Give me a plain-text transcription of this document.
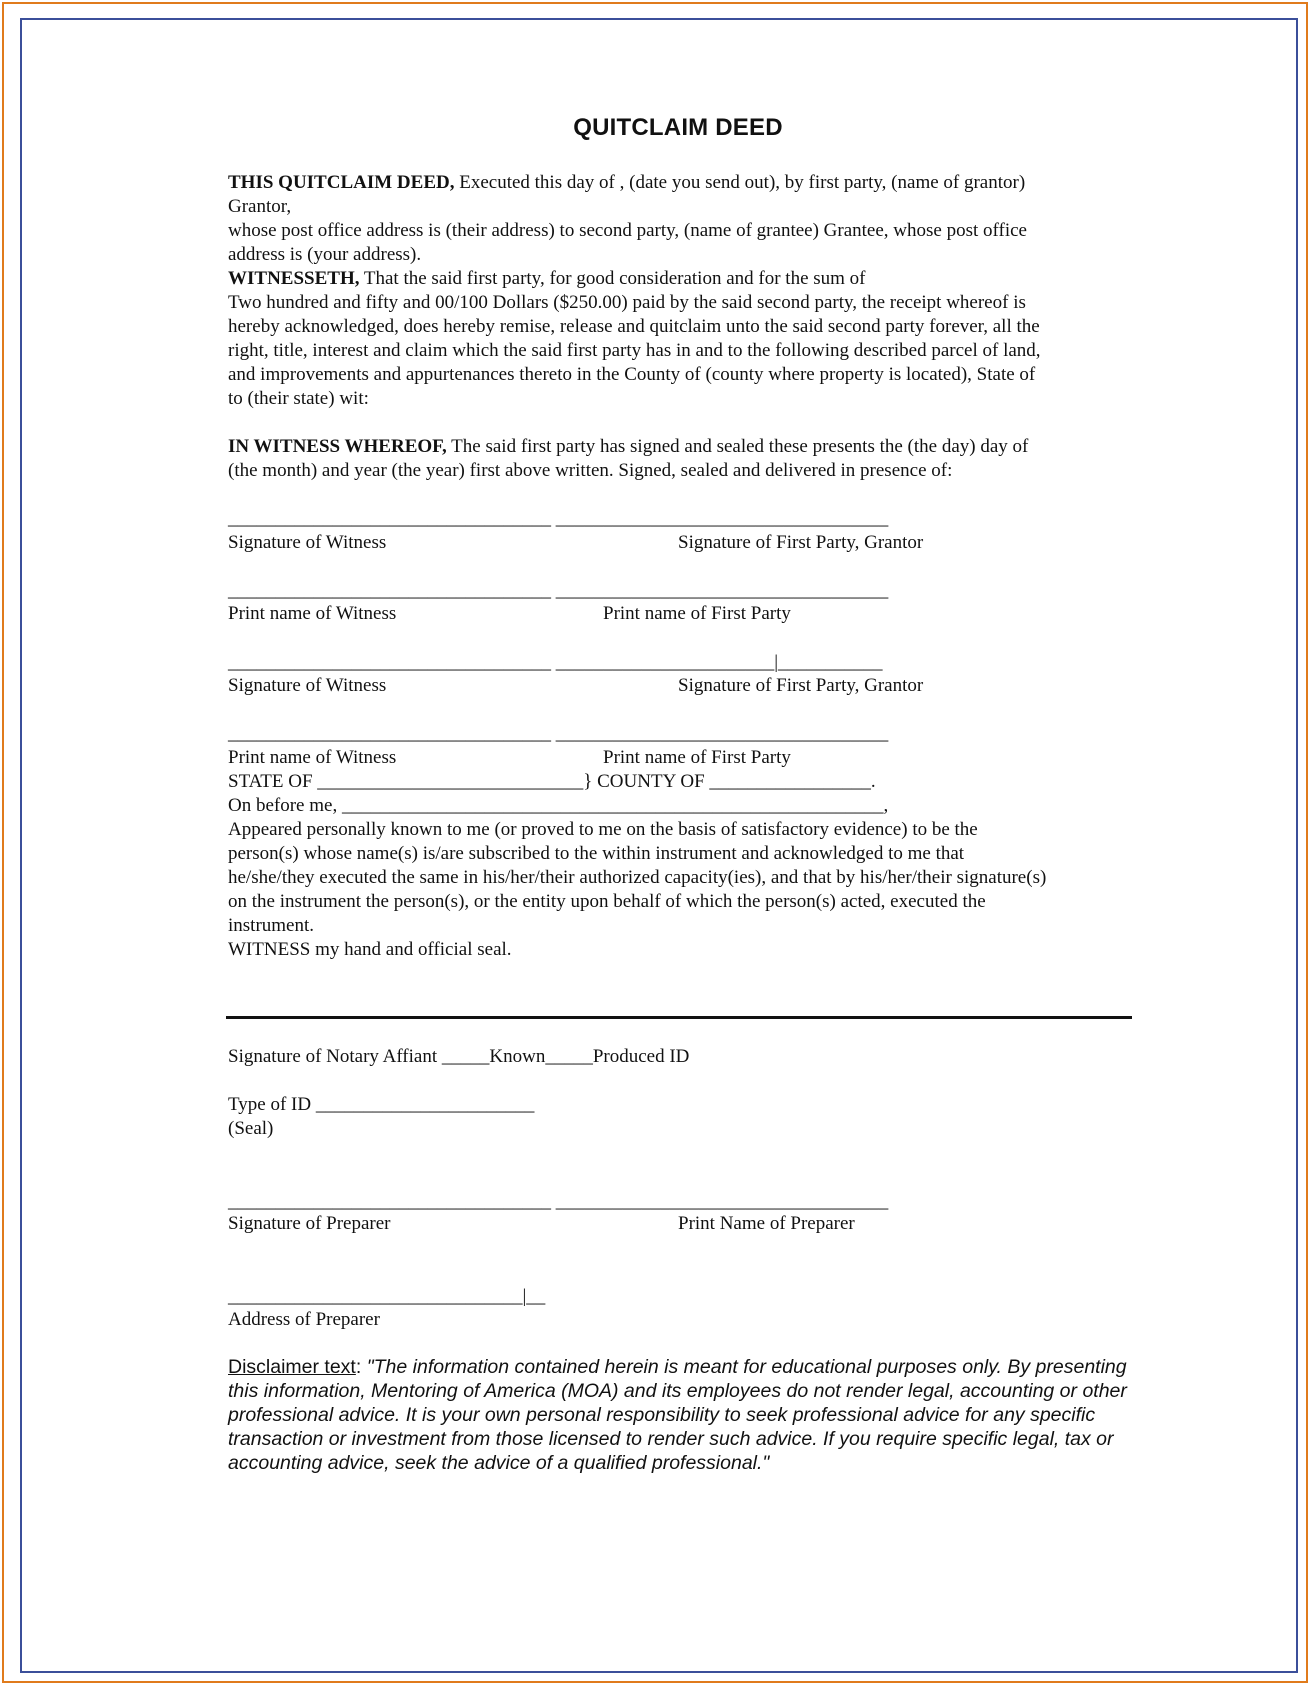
QUITCLAIM DEED
THIS QUITCLAIM DEED, Executed this day of , (date you send out), by first party, (name of grantor)
Grantor,
whose post office address is (their address) to second party, (name of grantee) Grantee, whose post office
address is (your address).
WITNESSETH, That the said first party, for good consideration and for the sum of
Two hundred and fifty and 00/100 Dollars ($250.00) paid by the said second party, the receipt whereof is
hereby acknowledged, does hereby remise, release and quitclaim unto the said second party forever, all the
right, title, interest and claim which the said first party has in and to the following described parcel of land,
and improvements and appurtenances thereto in the County of (county where property is located), State of
to (their state) wit:
IN WITNESS WHEREOF, The said first party has signed and sealed these presents the (the day) day of
(the month) and year (the year) first above written. Signed, sealed and delivered in presence of:
__________________________________ ___________________________________
Signature of Witness	Signature of First Party, Grantor
__________________________________ ___________________________________
Print name of Witness	Print name of First Party
__________________________________ _______________________|___________
Signature of Witness	Signature of First Party, Grantor
__________________________________ ___________________________________
Print name of Witness	Print name of First Party
STATE OF ____________________________} COUNTY OF _________________.
On before me, _________________________________________________________,
Appeared personally known to me (or proved to me on the basis of satisfactory evidence) to be the
person(s) whose name(s) is/are subscribed to the within instrument and acknowledged to me that
he/she/they executed the same in his/her/their authorized capacity(ies), and that by his/her/their signature(s)
on the instrument the person(s), or the entity upon behalf of which the person(s) acted, executed the
instrument.
WITNESS my hand and official seal.
Signature of Notary Affiant _____Known_____Produced ID
Type of ID _______________________
(Seal)
__________________________________ ___________________________________
Signature of Preparer	Print Name of Preparer
_______________________________|__
Address of Preparer
Disclaimer text: "The information contained herein is meant for educational purposes only. By presenting this information, Mentoring of America (MOA) and its employees do not render legal, accounting or other professional advice. It is your own personal responsibility to seek professional advice for any specific transaction or investment from those licensed to render such advice. If you require specific legal, tax or accounting advice, seek the advice of a qualified professional."
